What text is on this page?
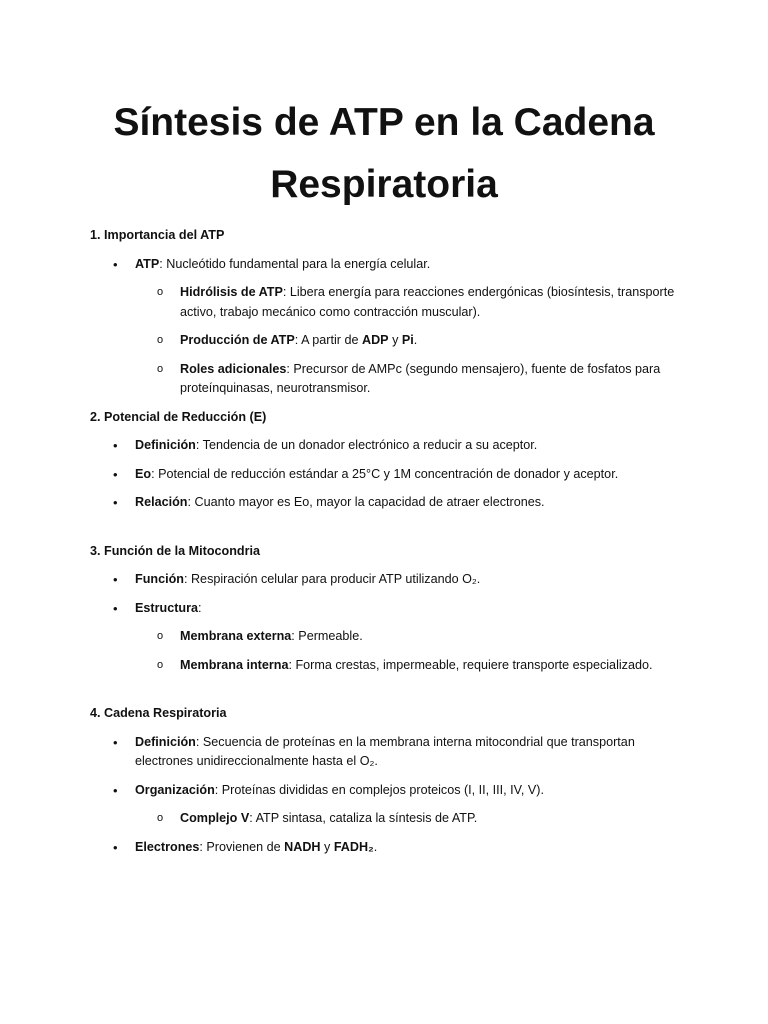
Síntesis de ATP en la Cadena Respiratoria
1. Importancia del ATP
• ATP: Nucleótido fundamental para la energía celular.
o Hidrólisis de ATP: Libera energía para reacciones endergónicas (biosíntesis, transporte activo, trabajo mecánico como contracción muscular).
o Producción de ATP: A partir de ADP y Pi.
o Roles adicionales: Precursor de AMPc (segundo mensajero), fuente de fosfatos para proteínquinasas, neurotransmisor.
2. Potencial de Reducción (E)
• Definición: Tendencia de un donador electrónico a reducir a su aceptor.
• Eo: Potencial de reducción estándar a 25°C y 1M concentración de donador y aceptor.
• Relación: Cuanto mayor es Eo, mayor la capacidad de atraer electrones.
3. Función de la Mitocondria
• Función: Respiración celular para producir ATP utilizando O₂.
• Estructura:
o Membrana externa: Permeable.
o Membrana interna: Forma crestas, impermeable, requiere transporte especializado.
4. Cadena Respiratoria
• Definición: Secuencia de proteínas en la membrana interna mitocondrial que transportan electrones unidireccionalmente hasta el O₂.
• Organización: Proteínas divididas en complejos proteicos (I, II, III, IV, V).
o Complejo V: ATP sintasa, cataliza la síntesis de ATP.
• Electrones: Provienen de NADH y FADH₂.
